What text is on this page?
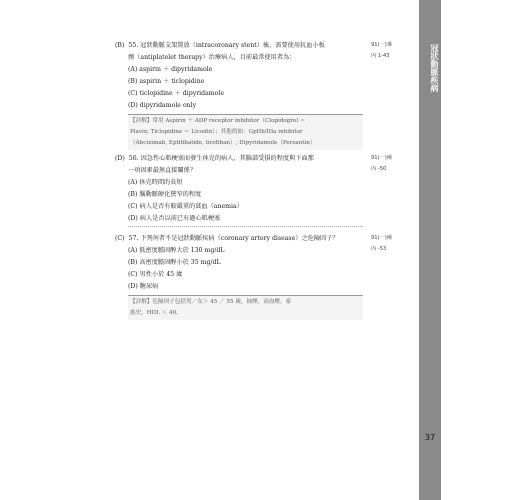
(B) 55. 冠狀動脈支架置放（intracoronary stent）後，需要使用抗血小板
劑（antiplatelet therapy）治療病人，目前最常使用者為：
(A) aspirin ＋ dipyridamole
(B) aspirin ＋ ticlopidine
(C) ticlopidine ＋ dipyridamole
(D) dipyridamole only
【詳解】常用 Aspirin ＋ ADP receptor inhibitor（Clopidogrel ＝
Plavix; Ticlopidine ＝ Licodin）；其他的如：GpIIb/IIIa inhibitor
（Abciximab, Eptifibatide, tirofiban）, Dipyridamole（Persantin）
91(一)專
內 1-43
(D) 56. 因急性心肌梗塞而發生休克的病人，其腦部受損的程度與下面那
一項因素最無直接關係？
(A) 休克時間的長短
(B) 腦動脈硬化狹窄的程度
(C) 病人是否有較嚴重的貧血（anemia）
(D) 病人是否以前已有過心肌梗塞
91(一)檢
內 -50
(C) 57. 下列何者不是冠狀動脈疾病（coronary artery disease）之危險因子？
(A) 低密度膽固醇大於 130 mg/dL
(B) 高密度膽固醇小於 35 mg/dL
(C) 男性小於 45 歲
(D) 糖尿病
【詳解】危險因子包括男／女＞ 45 ／ 55 歲，抽煙，高血壓，家
族史，HDL ＜ 40。
91(一)檢
內 -53
冠狀動脈疾病
37
